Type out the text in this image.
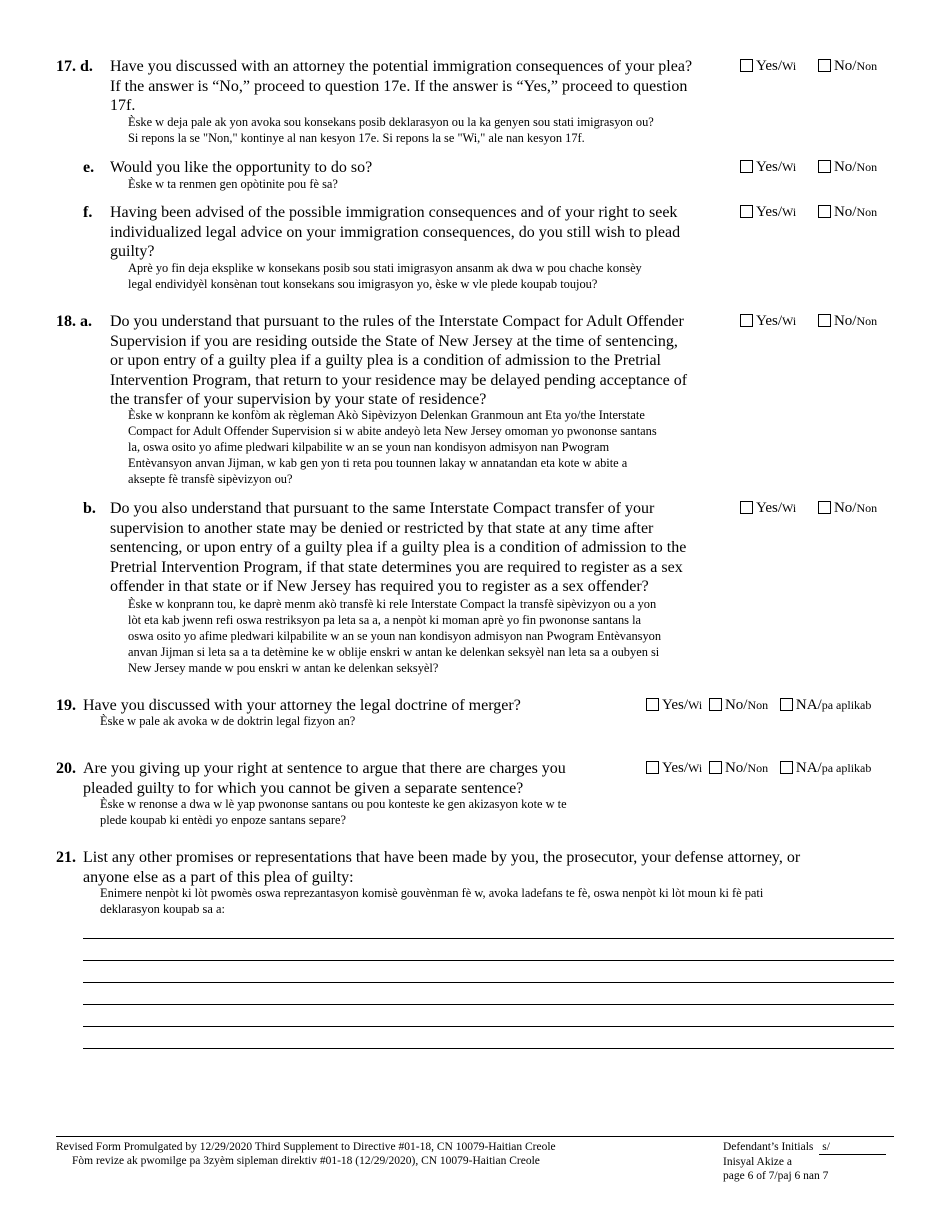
17. d. Have you discussed with an attorney the potential immigration consequences of your plea?
If the answer is “No,” proceed to question 17e. If the answer is “Yes,” proceed to question
17f.
Èske w deja pale ak yon avoka sou konsekans posib deklarasyon ou la ka genyen sou stati imigrasyon ou?
Si repons la se "Non," kontinye al nan kesyon 17e. Si repons la se "Wi," ale nan kesyon 17f.
Yes/Wi	No/Non
e. Would you like the opportunity to do so?
Èske w ta renmen gen opòtinite pou fè sa?
Yes/Wi	No/Non
f. Having been advised of the possible immigration consequences and of your right to seek
individualized legal advice on your immigration consequences, do you still wish to plead
guilty?
Aprè yo fin deja eksplike w konsekans posib sou stati imigrasyon ansanm ak dwa w pou chache konsèy
legal endividyèl konsènan tout konsekans sou imigrasyon yo, èske w vle plede koupab toujou?
Yes/Wi	No/Non
18. a. Do you understand that pursuant to the rules of the Interstate Compact for Adult Offender
Supervision if you are residing outside the State of New Jersey at the time of sentencing,
or upon entry of a guilty plea if a guilty plea is a condition of admission to the Pretrial
Intervention Program, that return to your residence may be delayed pending acceptance of
the transfer of your supervision by your state of residence?
Èske w konprann ke konfòm ak règleman Akò Sipèvizyon Delenkan Granmoun ant Eta yo/the Interstate
Compact for Adult Offender Supervision si w abite andeyò leta New Jersey omoman yo pwononse santans
la, oswa osito yo afime pledwari kilpabilite w an se youn nan kondisyon admisyon nan Pwogram
Entèvansyon anvan Jijman, w kab gen yon ti reta pou tounnen lakay w annatandan eta kote w abite a
aksepte fè transfè sipèvizyon ou?
Yes/Wi	No/Non
b. Do you also understand that pursuant to the same Interstate Compact transfer of your
supervision to another state may be denied or restricted by that state at any time after
sentencing, or upon entry of a guilty plea if a guilty plea is a condition of admission to the
Pretrial Intervention Program, if that state determines you are required to register as a sex
offender in that state or if New Jersey has required you to register as a sex offender?
Èske w konprann tou, ke daprè menm akò transfè ki rele Interstate Compact la transfè sipèvizyon ou a yon
lòt eta kab jwenn refi oswa restriksyon pa leta sa a, a nenpòt ki moman aprè yo fin pwononse santans la
oswa osito yo afime pledwari kilpabilite w an se youn nan kondisyon admisyon nan Pwogram Entèvansyon
anvan Jijman si leta sa a ta detèmine ke w oblije enskri w antan ke delenkan seksyèl nan leta sa a oubyen si
New Jersey mande w pou enskri w antan ke delenkan seksyèl?
Yes/Wi	No/Non
19. Have you discussed with your attorney the legal doctrine of merger?
Èske w pale ak avoka w de doktrin legal fizyon an?
Yes/Wi No/Non NA/pa aplikab
20. Are you giving up your right at sentence to argue that there are charges you
pleaded guilty to for which you cannot be given a separate sentence?
Èske w renonse a dwa w lè yap pwononse santans ou pou konteste ke gen akizasyon kote w te
plede koupab ki entèdi yo enpoze santans separe?
Yes/Wi No/Non NA/pa aplikab
21. List any other promises or representations that have been made by you, the prosecutor, your defense attorney, or
anyone else as a part of this plea of guilty:
Enimere nenpòt ki lòt pwomès oswa reprezantasyon komisè gouvènman fè w, avoka ladefans te fè, oswa nenpòt ki lòt moun ki fè pati
deklarasyon koupab sa a:
Revised Form Promulgated by 12/29/2020 Third Supplement to Directive #01-18, CN 10079-Haitian Creole
Fòm revize ak pwomilge pa 3zyèm sipleman direktiv #01-18 (12/29/2020), CN 10079-Haitian Creole
Defendant’s Initials s/
Inisyal Akize a
page 6 of 7/paj 6 nan 7
